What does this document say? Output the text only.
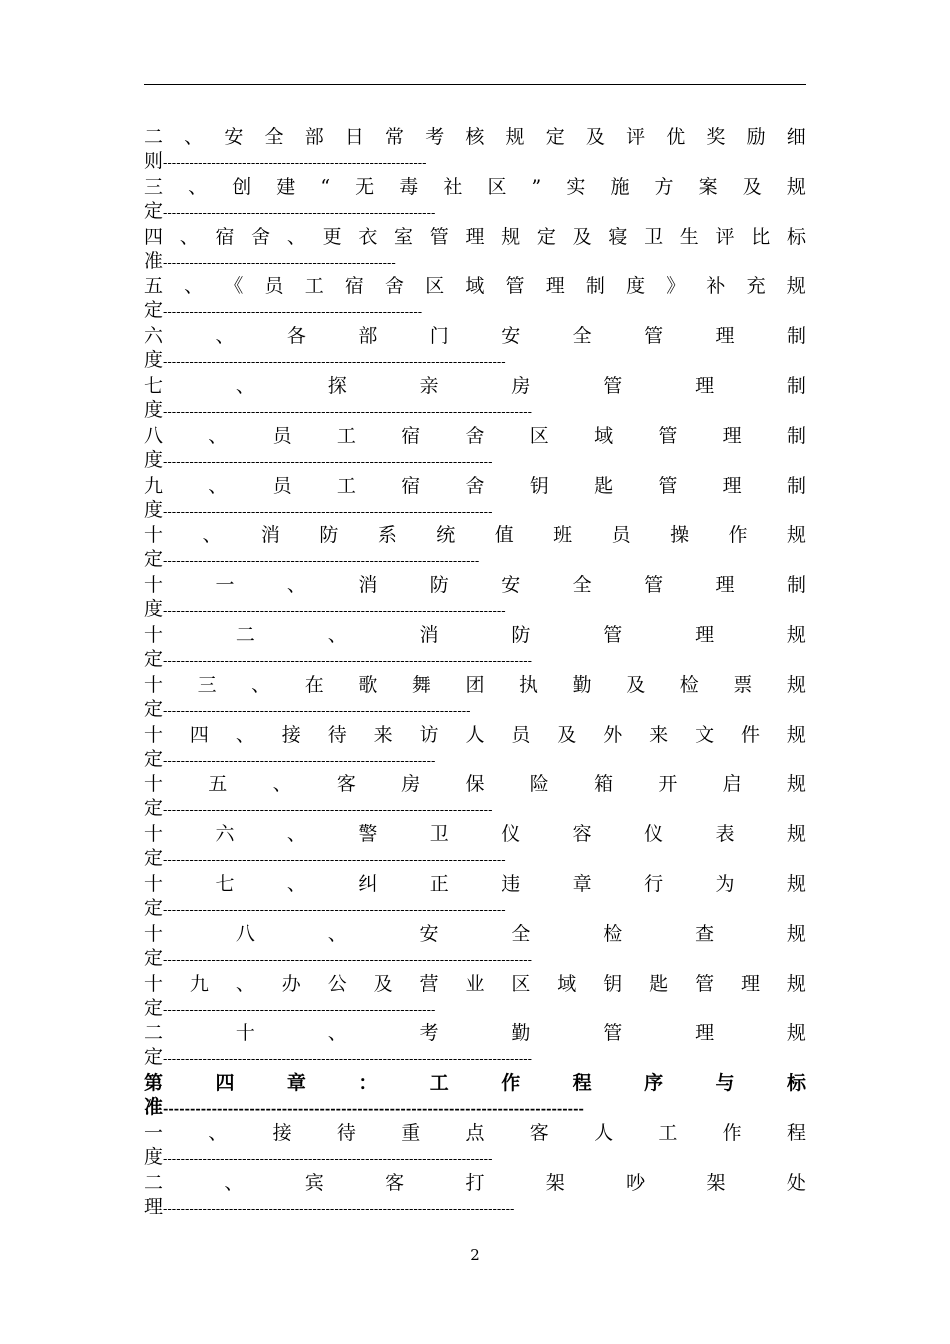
二 、 安 全 部 日 常 考 核 规 定 及 评 优 奖 励 细
则------------------------------------------------------------
三 、 创 建 “ 无 毒 社 区 ” 实 施 方 案 及 规
定--------------------------------------------------------------
四 、 宿 舍 、 更 衣 室 管 理 规 定 及 寝 卫 生 评 比 标
准-----------------------------------------------------
五 、 《 员 工 宿 舍 区 域 管 理 制 度 》 补 充 规
定-----------------------------------------------------------
六	、	各	部	门	安	全	管	理	制
度------------------------------------------------------------------------------
七	、	探	亲	房	管	理	制
度------------------------------------------------------------------------------------
八 、 员 工 宿 舍 区 域 管 理 制
度---------------------------------------------------------------------------
九 、 员 工 宿 舍 钥 匙 管 理 制
度---------------------------------------------------------------------------
十 、 消 防 系 统 值 班 员 操 作 规
定------------------------------------------------------------------------
十	一	、	消	防	安	全	管	理	制
度------------------------------------------------------------------------------
十	二	、	消	防	管	理	规
定------------------------------------------------------------------------------------
十 三 、 在 歌 舞 团 执 勤 及 检 票 规
定----------------------------------------------------------------------
十 四 、 接 待 来 访 人 员 及 外 来 文 件 规
定--------------------------------------------------------------
十 五 、 客 房 保 险 箱 开 启 规
定---------------------------------------------------------------------------
十	六	、	警	卫	仪	容	仪	表	规
定------------------------------------------------------------------------------
十	七	、	纠	正	违	章	行	为	规
定------------------------------------------------------------------------------
十	八	、	安	全	检	查	规
定------------------------------------------------------------------------------------
十 九 、 办 公 及 营 业 区 域 钥 匙 管 理 规
定--------------------------------------------------------------
二	十	、	考	勤	管	理	规
定------------------------------------------------------------------------------------
第	四	章	：	工	作	程	序	与	标
准------------------------------------------------------------------------------
一 、 接 待 重 点 客 人 工 作 程
度---------------------------------------------------------------------------
二	、	宾	客	打	架	吵	架	处
理--------------------------------------------------------------------------------
2
